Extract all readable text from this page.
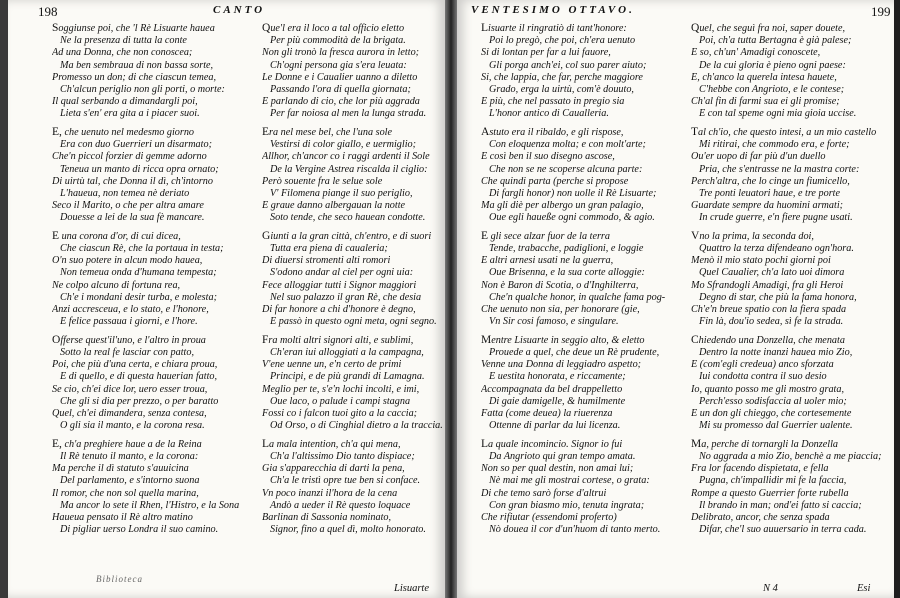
198	CANTO
Soggiunse poi, che 'l Rè Lisuarte hauea
Ne la presenza di tutta la conte
Ad una Donna, che non conoscea;
Ma ben sembraua di non bassa sorte,
Promesso un don; di che ciascun temea,
Ch'alcun periglio non gli porti, o morte:
Il qual serbando a dimandargli poi,
Lieta s'en' era gita a i piacer suoi.
E, che uenuto nel medesmo giorno
Era con duo Guerrieri un disarmato;
Che'n piccol forzier di gemme adorno
Teneua un manto di ricca opra ornato;
Di uirtù tal, che Donna il dì, ch'intorno
L'haueua, non temea nè deriato
Seco il Marito, o che per altra amare
Douesse a lei de la sua fè mancare.
E una corona d'or, di cui dicea,
Che ciascun Rè, che la portaua in testa;
O'n suo potere in alcun modo hauea,
Non temeua onda d'humana tempesta;
Ne colpo alcuno di fortuna rea,
Ch'e i mondani desir turba, e molesta;
Anzi accresceua, e lo stato, e l'honore,
E felice passaua i giorni, e l'hore.
Offerse quest'il'uno, e l'altro in proua
Sotto la real fe lasciar con patto,
Poi, che più d'una certa, e chiara proua,
E di quello, e di questa hauerian fatto,
Se cio, ch'ei dice lor, uero esser troua,
Che gli si dia per prezzo, o per baratto
Quel, ch'ei dimandera, senza contesa,
O gli sia il manto, e la corona resa.
E, ch'a preghiere haue a de la Reina
Il Rè tenuto il manto, e la corona:
Ma perche il dì statuto s'auuicina
Del parlamento, e s'intorno suona
Il romor, che non sol quella marina,
Ma ancor lo sete il Rhen, l'Histro, e la Sona
Haueua pensato il Rè altro matino
Di pigliar uerso Londra il suo camino.
Que'l era il loco a tal officio eletto
Per più commodità de la brigata.
Non gli tronò la fresca aurora in letto;
Ch'ogni persona gia s'era leuata:
Le Donne e i Caualier uanno a diletto
Passando l'ora di quella giornata;
E parlando di cio, che lor più aggrada
Per far noiosa al men la lunga strada.
Era nel mese bel, che l'una sole
Vestirsi di color giallo, e uermiglio;
Allhor, ch'ancor co i raggi ardenti il Sole
De la Vergine Astrea riscalda il ciglio:
Però souente fra le selue sole
V' Filomena piange il suo periglio,
E graue danno albergauan la notte
Soto tende, che seco hauean condotte.
Giunti a la gran città, ch'entro, e di suori
Tutta era piena di caualeria;
Di diuersi stromenti alti romori
S'odono andar al ciel per ogni uia:
Fece alloggiar tutti i Signor maggiori
Nel suo palazzo il gran Rè, che desia
Di far honore a chi d'honore è degno,
E passò in questo ogni meta, ogni segno.
Fra molti altri signori alti, e sublimi,
Ch'eran iui alloggiati a la campagna,
V'ene uenne un, e'n certo de primi
Principi, e de più grandi di Lamagna.
Meglio per te, s'e'n lochi incolti, e imi,
Oue laco, o palude i campi stagna
Fossi co i falcon tuoi gito a la caccia;
Od Orso, o di Cinghial dietro a la traccia.
La mala intention, ch'a qui mena,
Ch'a l'altissimo Dio tanto dispiace;
Gia s'apparecchia di darti la pena,
Ch'a le tristì opre tue ben si conface.
Vn poco inanzi il'hora de la cena
Andò a ueder il Rè questo loquace
Barlinan di Sassonia nominato,
Signor, fino a quel dì, molto honorato.
Lisuarte
Biblioteca
VENTESIMO OTTAVO.	199
Lisuarte il ringratiò di tant'honore:
Poi lo pregò, che poi, ch'era uenuto
Si di lontan per far a lui fauore,
Gli porga anch'ei, col suo parer aiuto;
Si, che lappia, che far, perche maggiore
Grado, erga la uirtù, com'è douuto,
E più, che nel passato in pregio sia
L'honor antico di Caualleria.
Astuto era il ribaldo, e gli rispose,
Con eloquenza molta; e con molt'arte;
E così ben il suo disegno ascose,
Che non se ne scoperse alcuna parte:
Che quindi parta (perche si propose
Di fargli honor) non uolle il Rè Lisuarte;
Ma gli diè per albergo un gran palagio,
Oue egli haueße ogni commodo, & agio.
E gli sece alzar fuor de la terra
Tende, trabacche, padiglioni, e loggie
E altri arnesi usati ne la guerra,
Oue Brisenna, e la sua corte alloggie:
Non è Baron di Scotia, o d'Inghilterra,
Che'n qualche honor, in qualche fama pog-
Che uenuto non sia, per honorare (gie,
Vn Sir cosi famoso, e singulare.
Mentre Lisuarte in seggio alto, & eletto
Prouede a quel, che deue un Rè prudente,
Venne una Donna di leggiadro aspetto;
E uestita honorata, e riccamente;
Accompagnata da bel drappelletto
Di gaie damigelle, & humilmente
Fatta (come deuea) la riuerenza
Ottenne di parlar da lui licenza.
La quale incomincio. Signor io fui
Da Angrioto qui gran tempo amata.
Non so per qual destin, non amai lui;
Nè mai me gli mostrai cortese, o grata:
Di che temo sarò forse d'altrui
Con gran biasmo mio, tenuta ingrata;
Che rifiutar (essendomi proferto)
Nò douea il cor d'un'huom di tanto merto.
Quel, che seguì fra noi, saper douete,
Poi, ch'a tutta Bertagna è già palese;
E so, ch'un' Amadigi conoscete,
De la cui gloria è pieno ogni paese:
E, ch'anco la querela intesa hauete,
C'hebbe con Angrioto, e le contese;
Ch'al fin di farmi sua ei gli promise;
E con tal speme ogni mia gioia uccise.
Tal ch'io, che questo intesi, a un mio castello
Mi ritirai, che commodo era, e forte;
Ou'er uopo di far più d'un duello
Pria, che s'entrasse ne la mastra corte:
Perch'altra, che lo cinge un fiumicello,
Tre ponti leuatori haue, e tre porte
Guardate sempre da huomini armati;
In crude guerre, e'n fiere pugne usati.
Vno la prima, la seconda doi,
Quattro la terza difendeano ogn'hora.
Menò il mio stato pochi giorni poi
Quel Caualier, ch'a lato uoi dimora
Mo Sfrandogli Amadigi, fra gli Heroi
Degno di star, che più la fama honora,
Ch'e'n breue spatio con la fiera spada
Fin là, dou'io sedea, sì fe la strada.
Chiedendo una Donzella, che menata
Dentro la notte inanzi hauea mio Zio,
E (com'egli credeua) anco sforzata
Iui condotta contra il suo desio
Io, quanto posso me gli mostro grata,
Perch'esso sodisfaccia al uoler mio;
E un don gli chieggo, che cortesemente
Mi su promesso dal Guerrier ualente.
Ma, perche di tornargli la Donzella
No aggrada a mio Zio, benchè a me piaccia;
Fra lor facendo dispietata, e fella
Pugna, ch'impallidir mi fe la faccia,
Rompe a questo Guerrier forte rubella
Il brando in man; ond'ei fatto si caccia;
Delibrato, ancor, che senza spada
Difar, che'l suo auuersario in terra cada.
N 4	Esi
